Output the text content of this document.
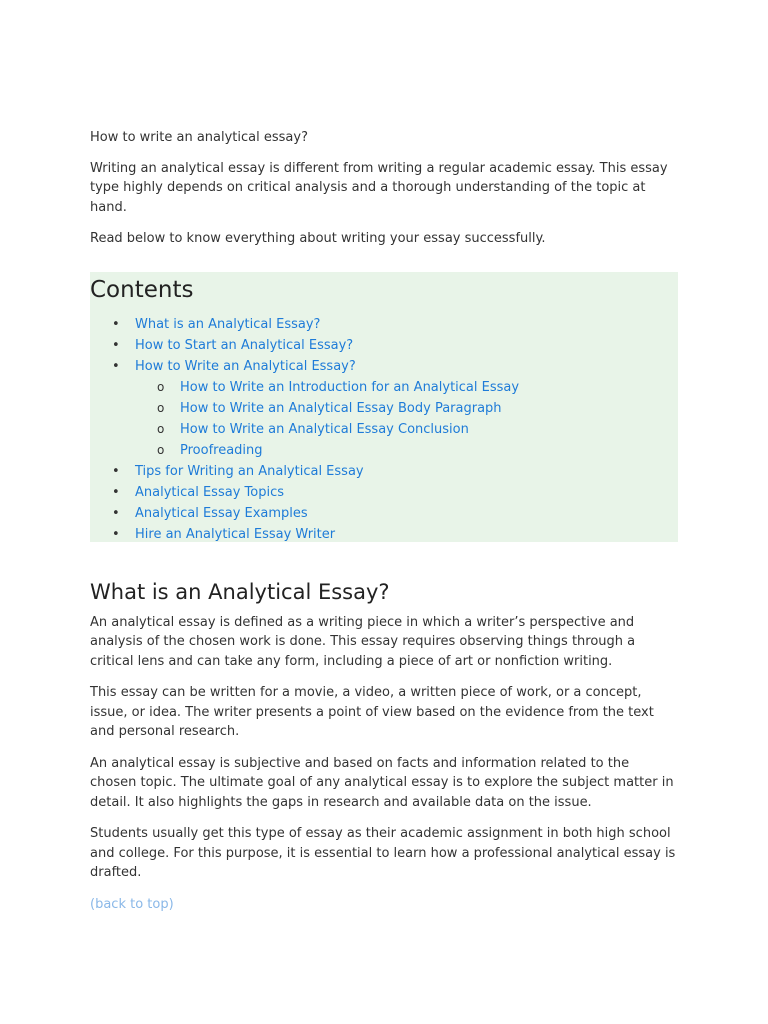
How to write an analytical essay?

Writing an analytical essay is different from writing a regular academic essay. This essay type highly depends on critical analysis and a thorough understanding of the topic at hand.

Read below to know everything about writing your essay successfully.

Contents
• What is an Analytical Essay?
• How to Start an Analytical Essay?
• How to Write an Analytical Essay?
o How to Write an Introduction for an Analytical Essay
o How to Write an Analytical Essay Body Paragraph
o How to Write an Analytical Essay Conclusion
o Proofreading
• Tips for Writing an Analytical Essay
• Analytical Essay Topics
• Analytical Essay Examples
• Hire an Analytical Essay Writer
What is an Analytical Essay?

An analytical essay is defined as a writing piece in which a writer’s perspective and analysis of the chosen work is done. This essay requires observing things through a critical lens and can take any form, including a piece of art or nonfiction writing.

This essay can be written for a movie, a video, a written piece of work, or a concept, issue, or idea. The writer presents a point of view based on the evidence from the text and personal research.

An analytical essay is subjective and based on facts and information related to the chosen topic. The ultimate goal of any analytical essay is to explore the subject matter in detail. It also highlights the gaps in research and available data on the issue.

Students usually get this type of essay as their academic assignment in both high school and college. For this purpose, it is essential to learn how a professional analytical essay is drafted.

(back to top)
